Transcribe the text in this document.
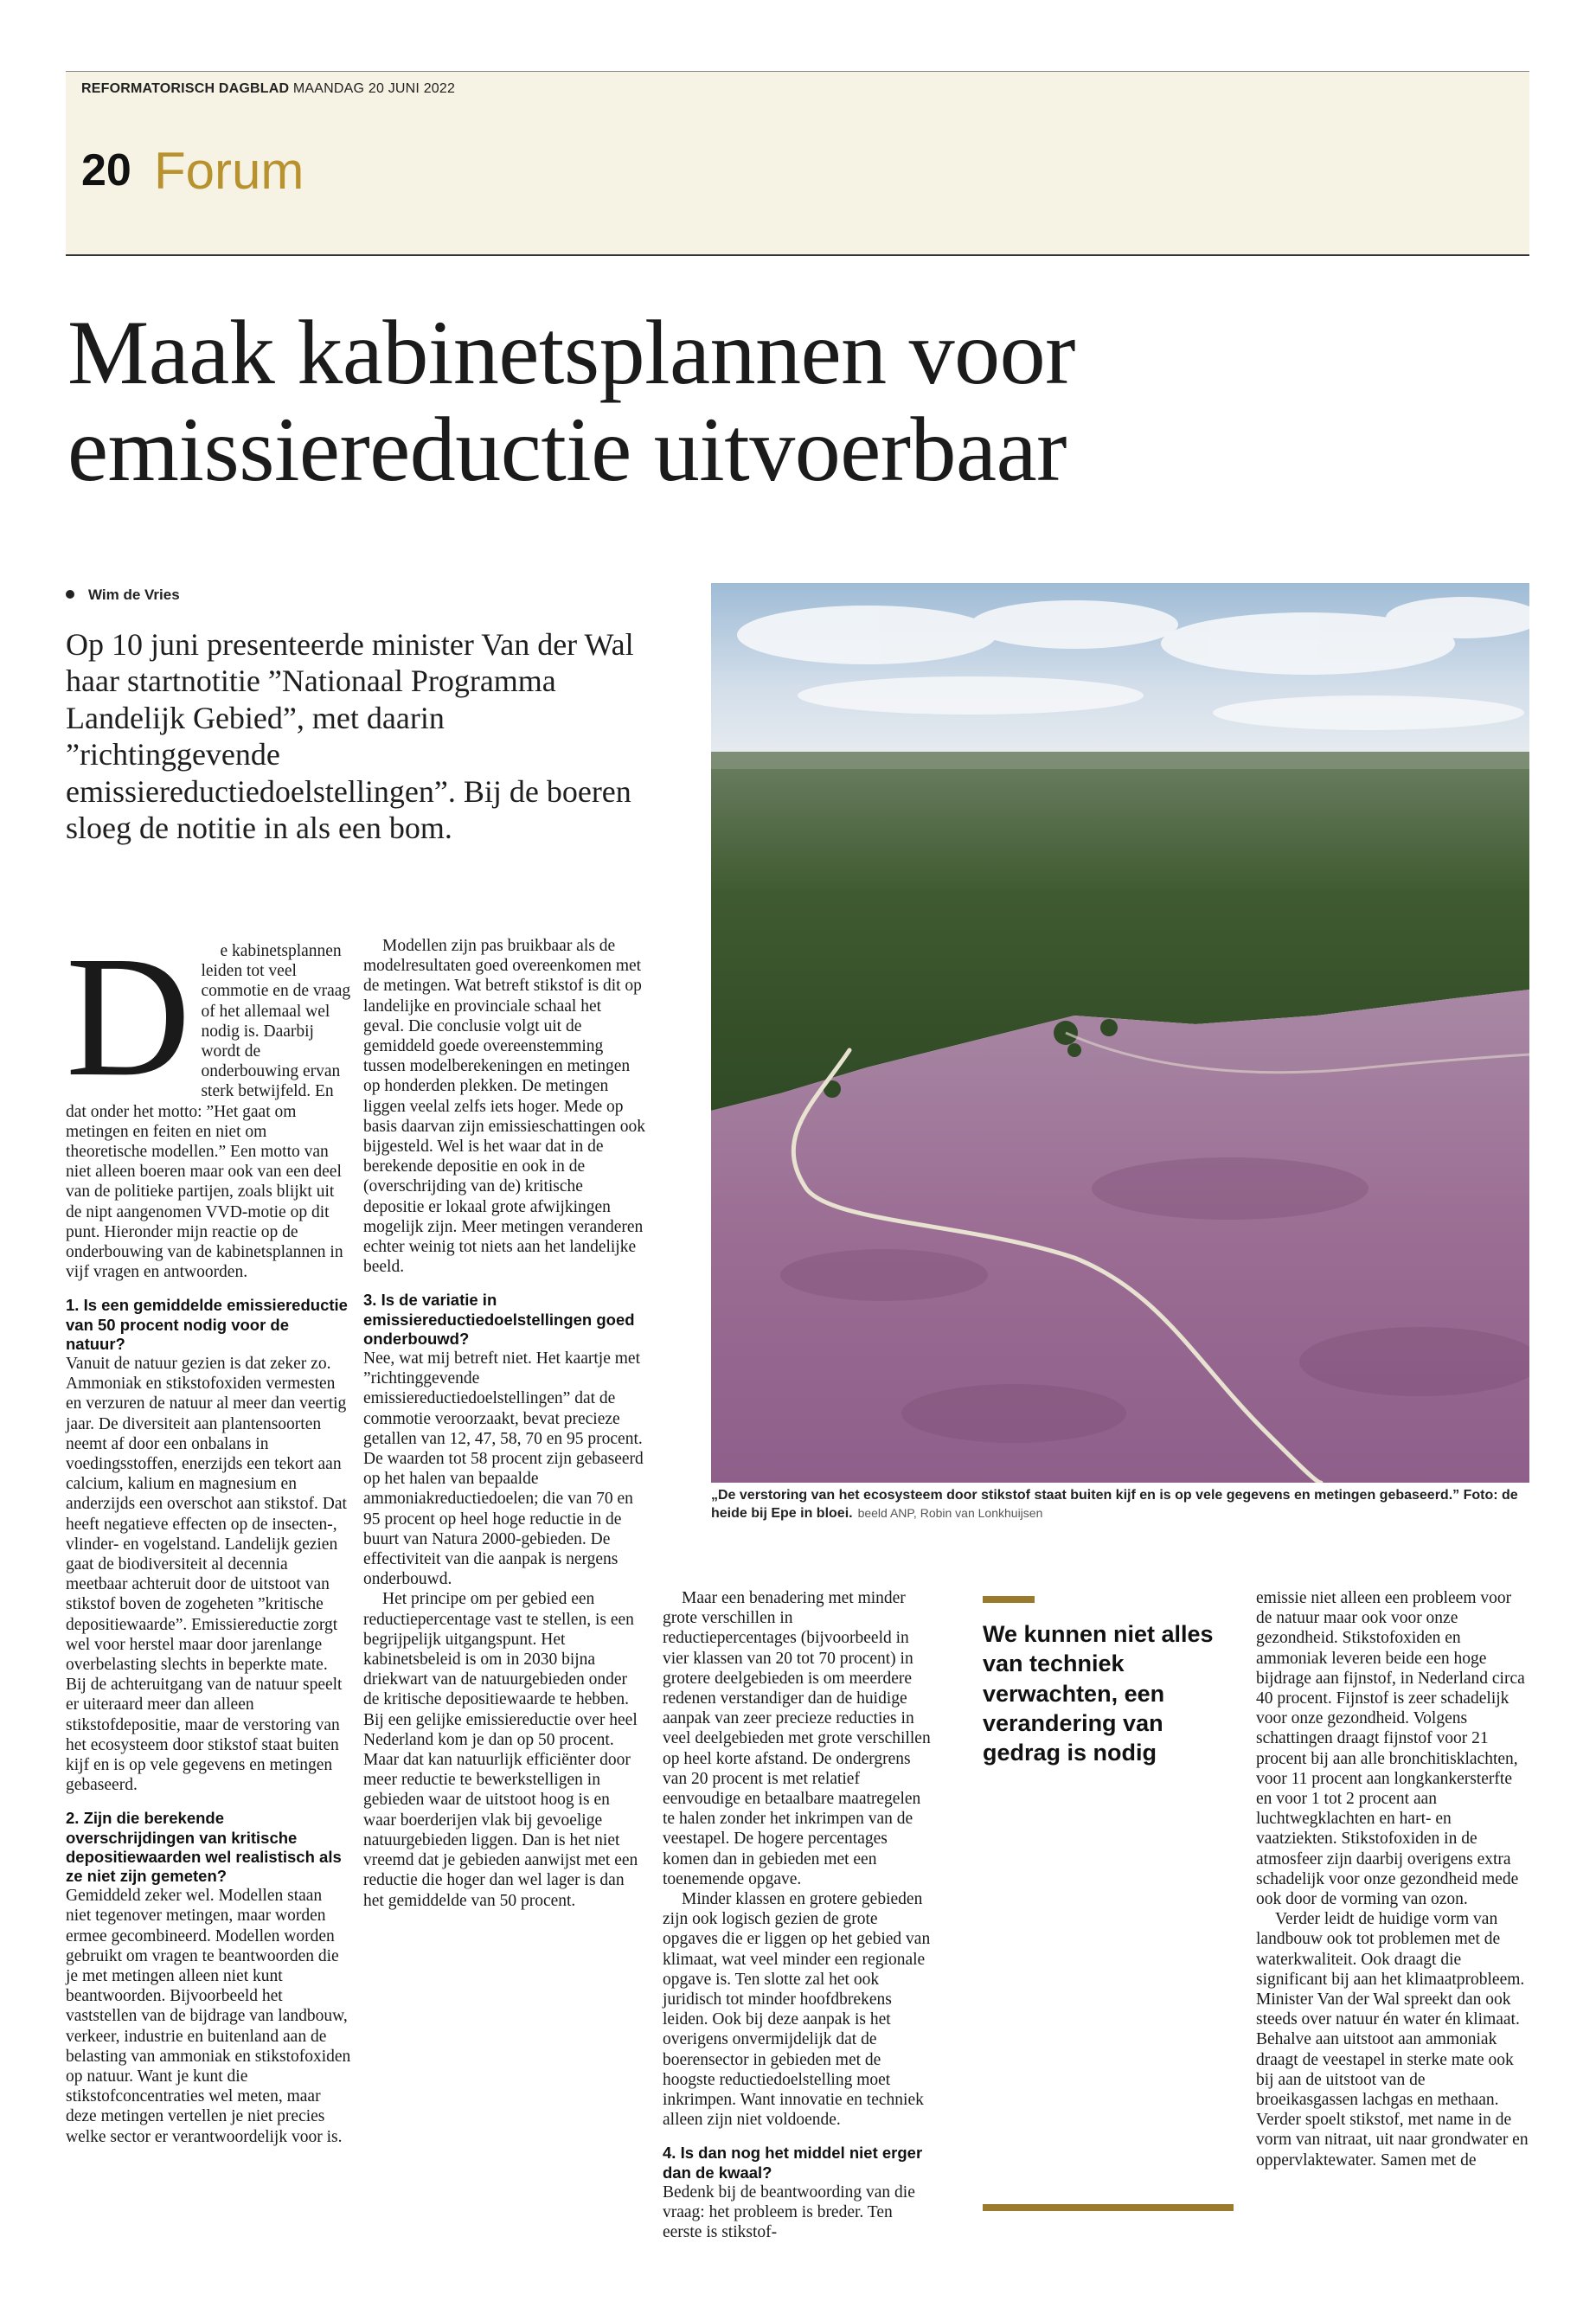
REFORMATORISCH DAGBLAD MAANDAG 20 JUNI 2022
20 Forum
Maak kabinetsplannen voor
emissiereductie uitvoerbaar
Wim de Vries

Op 10 juni presenteerde minister Van der Wal haar startnotitie ”Nationaal Programma Landelijk Gebied”, met daarin ”richtinggevende emissiereductiedoelstellingen”. Bij de boeren sloeg de notitie in als een bom.

„De verstoring van het ecosysteem door stikstof staat buiten kijf en is op vele gegevens en metingen gebaseerd.” Foto: de heide bij Epe in bloei. beeld ANP, Robin van Lonkhuijsen

D	e kabinetsplannen leiden tot veel commotie en de vraag of het allemaal wel nodig is. Daarbij wordt de onderbouwing ervan sterk betwijfeld. En dat onder het motto: ”Het gaat om metingen en feiten en niet om theoretische modellen.” Een motto van niet alleen boeren maar ook van een deel van de politieke partijen, zoals blijkt uit de nipt aangenomen VVD-motie op dit punt. Hieronder mijn reactie op de onderbouwing van de kabinetsplannen in vijf vragen en antwoorden.

1. Is een gemiddelde emissiereductie van 50 procent nodig voor de natuur?

Vanuit de natuur gezien is dat zeker zo. Ammoniak en stikstofoxiden vermesten en verzuren de natuur al meer dan veertig jaar. De diversiteit aan plantensoorten neemt af door een onbalans in voedingsstoffen, enerzijds een tekort aan calcium, kalium en magnesium en anderzijds een overschot aan stikstof. Dat heeft negatieve effecten op de insecten-, vlinder- en vogelstand. Landelijk gezien gaat de biodiversiteit al decennia meetbaar achteruit door de uitstoot van stikstof boven de zogeheten ”kritische depositiewaarde”. Emissiereductie zorgt wel voor herstel maar door jarenlange overbelasting slechts in beperkte mate. Bij de achteruitgang van de natuur speelt er uiteraard meer dan alleen stikstofdepositie, maar de verstoring van het ecosysteem door stikstof staat buiten kijf en is op vele gegevens en metingen gebaseerd.

2. Zijn die berekende overschrijdingen van kritische depositiewaarden wel realistisch als ze niet zijn gemeten?

Gemiddeld zeker wel. Modellen staan niet tegenover metingen, maar worden ermee gecombineerd. Modellen worden gebruikt om vragen te beantwoorden die je met metingen alleen niet kunt beantwoorden. Bijvoorbeeld het vaststellen van de bijdrage van landbouw, verkeer, industrie en buitenland aan de belasting van ammoniak en stikstofoxiden op natuur. Want je kunt die stikstofconcentraties wel meten, maar deze metingen vertellen je niet precies welke sector er verantwoordelijk voor is.

Modellen zijn pas bruikbaar als de modelresultaten goed overeenkomen met de metingen. Wat betreft stikstof is dit op landelijke en provinciale schaal het geval. Die conclusie volgt uit de gemiddeld goede overeenstemming tussen modelberekeningen en metingen op honderden plekken. De metingen liggen veelal zelfs iets hoger. Mede op basis daarvan zijn emissieschattingen ook bijgesteld. Wel is het waar dat in de berekende depositie en ook in de (overschrijding van de) kritische depositie er lokaal grote afwijkingen mogelijk zijn. Meer metingen veranderen echter weinig tot niets aan het landelijke beeld.

3. Is de variatie in emissiereductiedoelstellingen goed onderbouwd?

Nee, wat mij betreft niet. Het kaartje met ”richtinggevende emissiereductiedoelstellingen” dat de commotie veroorzaakt, bevat precieze getallen van 12, 47, 58, 70 en 95 procent. De waarden tot 58 procent zijn gebaseerd op het halen van bepaalde ammoniakreductiedoelen; die van 70 en 95 procent op heel hoge reductie in de buurt van Natura 2000-gebieden. De effectiviteit van die aanpak is nergens onderbouwd.

Het principe om per gebied een reductiepercentage vast te stellen, is een begrijpelijk uitgangspunt. Het kabinetsbeleid is om in 2030 bijna driekwart van de natuurgebieden onder de kritische depositiewaarde te hebben. Bij een gelijke emissiereductie over heel Nederland kom je dan op 50 procent. Maar dat kan natuurlijk efficiënter door meer reductie te bewerkstelligen in gebieden waar de uitstoot hoog is en waar boerderijen vlak bij gevoelige natuurgebieden liggen. Dan is het niet vreemd dat je gebieden aanwijst met een reductie die hoger dan wel lager is dan het gemiddelde van 50 procent.

Maar een benadering met minder grote verschillen in reductiepercentages (bijvoorbeeld in vier klassen van 20 tot 70 procent) in grotere deelgebieden is om meerdere redenen verstandiger dan de huidige aanpak van zeer precieze reducties in veel deelgebieden met grote verschillen op heel korte afstand. De ondergrens van 20 procent is met relatief eenvoudige en betaalbare maatregelen te halen zonder het inkrimpen van de veestapel. De hogere percentages komen dan in gebieden met een toenemende opgave.

Minder klassen en grotere gebieden zijn ook logisch gezien de grote opgaves die er liggen op het gebied van klimaat, wat veel minder een regionale opgave is. Ten slotte zal het ook juridisch tot minder hoofdbrekens leiden. Ook bij deze aanpak is het overigens onvermijdelijk dat de boerensector in gebieden met de hoogste reductiedoelstelling moet inkrimpen. Want innovatie en techniek alleen zijn niet voldoende.

4. Is dan nog het middel niet erger dan de kwaal?

Bedenk bij de beantwoording van die vraag: het probleem is breder. Ten eerste is stikstof-

We kunnen niet alles van techniek verwachten, een verandering van gedrag is nodig

emissie niet alleen een probleem voor de natuur maar ook voor onze gezondheid. Stikstofoxiden en ammoniak leveren beide een hoge bijdrage aan fijnstof, in Nederland circa 40 procent. Fijnstof is zeer schadelijk voor onze gezondheid. Volgens schattingen draagt fijnstof voor 21 procent bij aan alle bronchitisklachten, voor 11 procent aan longkankersterfte en voor 1 tot 2 procent aan luchtwegklachten en hart- en vaatziekten. Stikstofoxiden in de atmosfeer zijn daarbij overigens extra schadelijk voor onze gezondheid mede ook door de vorming van ozon.

Verder leidt de huidige vorm van landbouw ook tot problemen met de waterkwaliteit. Ook draagt die significant bij aan het klimaatprobleem. Minister Van der Wal spreekt dan ook steeds over natuur én water én klimaat. Behalve aan uitstoot aan ammoniak draagt de veestapel in sterke mate ook bij aan de uitstoot van de broeikasgassen lachgas en methaan. Verder spoelt stikstof, met name in de vorm van nitraat, uit naar grondwater en oppervlaktewater. Samen met de
